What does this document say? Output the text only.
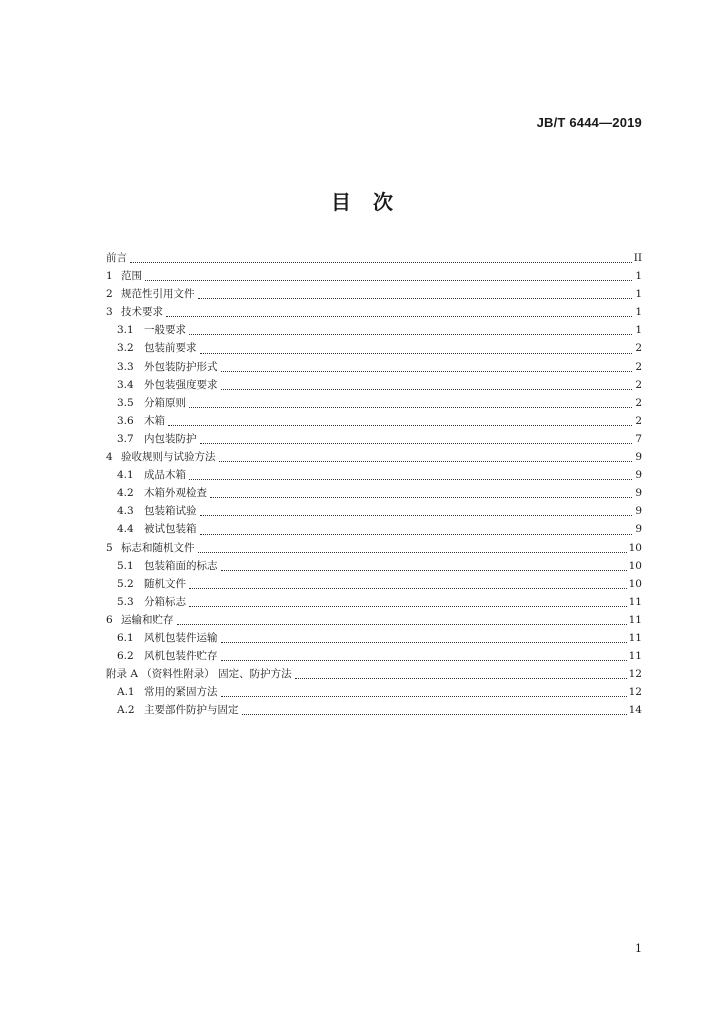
JB/T 6444—2019
目 次
前言	II
1 范围	1
2 规范性引用文件	1
3 技术要求	1
3.1 一般要求	1
3.2 包装前要求	2
3.3 外包装防护形式	2
3.4 外包装强度要求	2
3.5 分箱原则	2
3.6 木箱	2
3.7 内包装防护	7
4 验收规则与试验方法	9
4.1 成品木箱	9
4.2 木箱外观检查	9
4.3 包装箱试验	9
4.4 被试包装箱	9
5 标志和随机文件	10
5.1 包装箱面的标志	10
5.2 随机文件	10
5.3 分箱标志	11
6 运输和贮存	11
6.1 风机包装件运输	11
6.2 风机包装件贮存	11
附录 A （资料性附录） 固定、防护方法	12
A.1 常用的紧固方法	12
A.2 主要部件防护与固定	14
1
